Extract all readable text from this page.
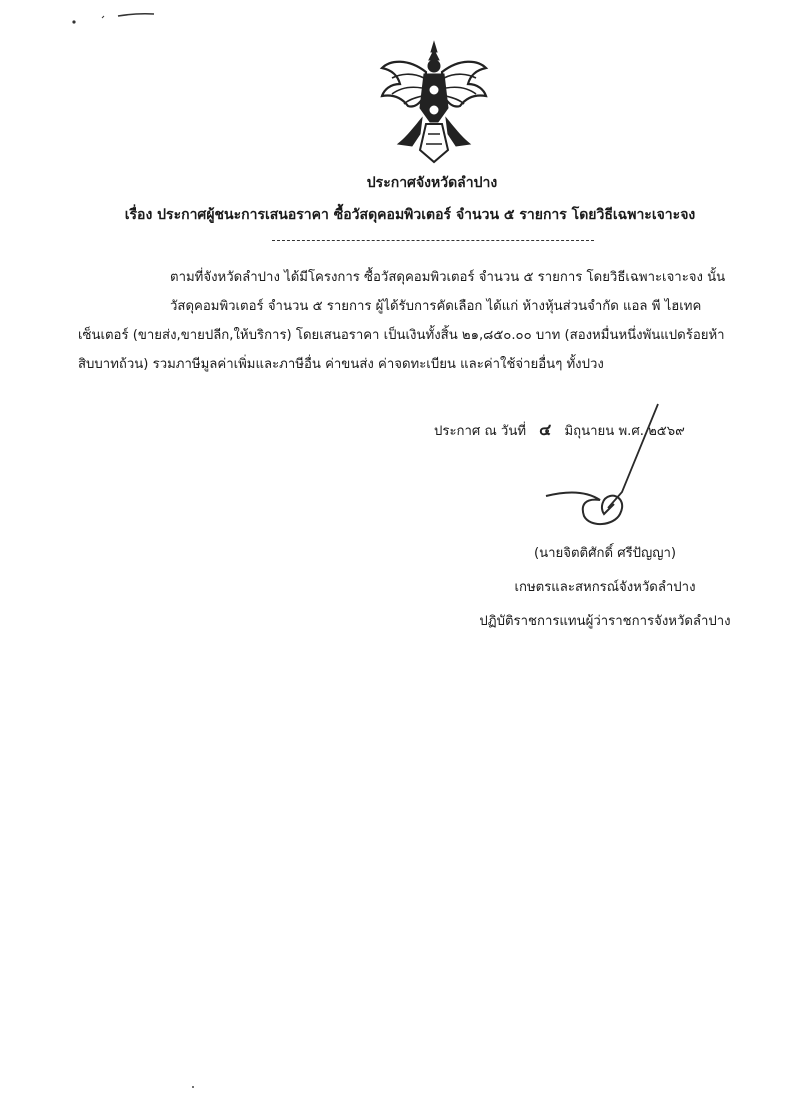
ประกาศจังหวัดลำปาง
เรื่อง ประกาศผู้ชนะการเสนอราคา ซื้อวัสดุคอมพิวเตอร์ จำนวน ๕ รายการ โดยวิธีเฉพาะเจาะจง
ตามที่จังหวัดลำปาง ได้มีโครงการ ซื้อวัสดุคอมพิวเตอร์ จำนวน ๕ รายการ โดยวิธีเฉพาะเจาะจง นั้น
วัสดุคอมพิวเตอร์ จำนวน ๕ รายการ ผู้ได้รับการคัดเลือก ได้แก่ ห้างหุ้นส่วนจำกัด แอล พี ไฮเทค
เซ็นเตอร์ (ขายส่ง,ขายปลีก,ให้บริการ) โดยเสนอราคา เป็นเงินทั้งสิ้น ๒๑,๘๕๐.๐๐ บาท (สองหมื่นหนึ่งพันแปดร้อยห้า
สิบบาทถ้วน) รวมภาษีมูลค่าเพิ่มและภาษีอื่น ค่าขนส่ง ค่าจดทะเบียน และค่าใช้จ่ายอื่นๆ ทั้งปวง
ประกาศ ณ วันที่ ๔ มิถุนายน พ.ศ. ๒๕๖๙
(นายจิตติศักดิ์ ศรีปัญญา)
เกษตรและสหกรณ์จังหวัดลำปาง
ปฏิบัติราชการแทนผู้ว่าราชการจังหวัดลำปาง
